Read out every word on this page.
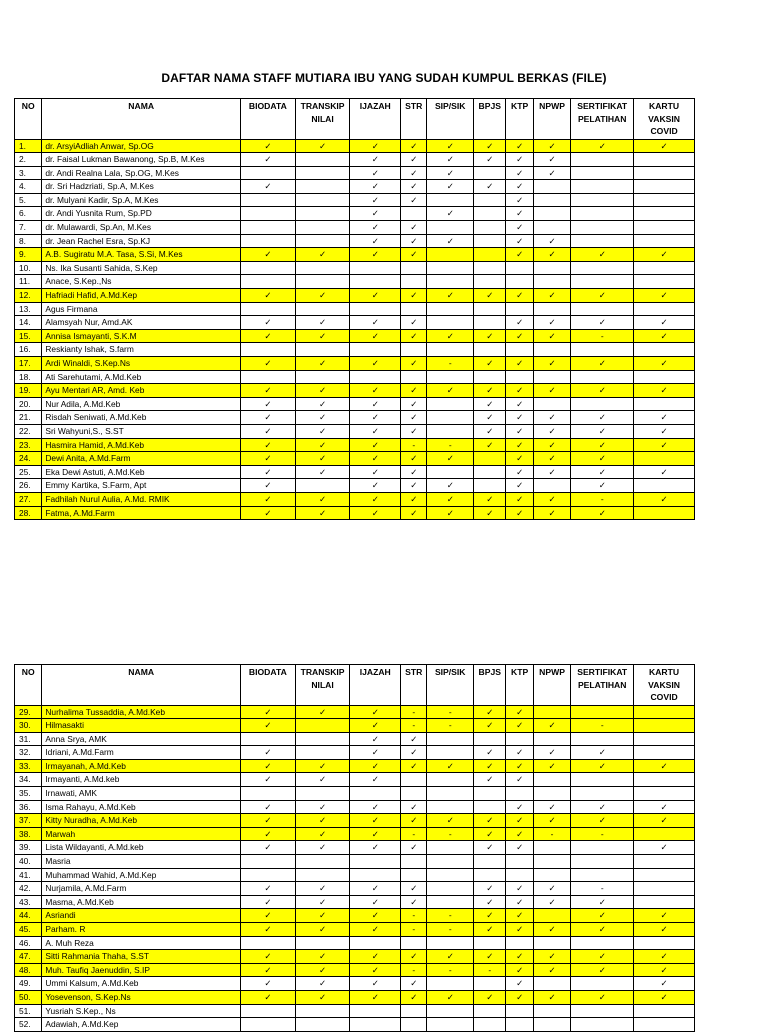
DAFTAR NAMA STAFF MUTIARA IBU YANG SUDAH KUMPUL BERKAS (FILE)
NO	NAMA	BIODATA	TRANSKIP
NILAI	IJAZAH	STR	SIP/SIK	BPJS	KTP	NPWP	SERTIFIKAT
PELATIHAN	KARTU
VAKSIN
COVID
1.	dr. ArsyiAdliah Anwar, Sp.OG	✓	✓	✓	✓	✓	✓	✓	✓	✓	✓
2.	dr. Faisal Lukman Bawanong, Sp.B, M.Kes	✓		✓	✓	✓	✓	✓	✓		
3.	dr. Andi Realna Lala, Sp.OG, M.Kes			✓	✓	✓		✓	✓		
4.	dr. Sri Hadzriati, Sp.A, M.Kes	✓		✓	✓	✓	✓	✓			
5.	dr. Mulyani Kadir, Sp.A, M.Kes			✓	✓			✓			
6.	dr. Andi Yusnita Rum, Sp.PD			✓		✓		✓			
7.	dr. Mulawardi, Sp.An, M.Kes			✓	✓			✓			
8.	dr. Jean Rachel Esra, Sp.KJ			✓	✓	✓		✓	✓		
9.	A.B. Sugiratu M.A. Tasa, S.Si, M.Kes	✓	✓	✓	✓			✓	✓	✓	✓
10.	Ns. Ika Susanti Sahida, S.Kep										
11.	Anace, S.Kep.,Ns										
12.	Hafriadi Hafid, A.Md.Kep	✓	✓	✓	✓	✓	✓	✓	✓	✓	✓
13.	Agus Firmana										
14.	Alamsyah Nur, Amd.AK	✓	✓	✓	✓			✓	✓	✓	✓
15.	Annisa Ismayanti, S.K.M	✓	✓	✓	✓	✓	✓	✓	✓	-	✓
16.	Reskianty Ishak, S.farm										
17.	Ardi Winaldi, S.Kep.Ns	✓	✓	✓	✓	-	✓	✓	✓	✓	✓
18.	Ati Sarehutami, A.Md.Keb										
19.	Ayu Mentari AR, Amd. Keb	✓	✓	✓	✓	✓	✓	✓	✓	✓	✓
20.	Nur Adila, A.Md.Keb	✓	✓	✓	✓		✓	✓			
21.	Risdah Seniwati, A.Md.Keb	✓	✓	✓	✓		✓	✓	✓	✓	✓
22.	Sri Wahyuni,S., S.ST	✓	✓	✓	✓		✓	✓	✓	✓	✓
23.	Hasmira Hamid, A.Md.Keb	✓	✓	✓	-	-	✓	✓	✓	✓	✓
24.	Dewi Anita, A.Md.Farm	✓	✓	✓	✓	✓		✓	✓	✓	
25.	Eka Dewi Astuti, A.Md.Keb	✓	✓	✓	✓			✓	✓	✓	✓
26.	Emmy Kartika, S.Farm, Apt	✓		✓	✓	✓		✓		✓	
27.	Fadhilah Nurul Aulia, A.Md. RMIK	✓	✓	✓	✓	✓	✓	✓	✓	-	✓
28.	Fatma, A.Md.Farm	✓	✓	✓	✓	✓	✓	✓	✓	✓	
NO	NAMA	BIODATA	TRANSKIP
NILAI	IJAZAH	STR	SIP/SIK	BPJS	KTP	NPWP	SERTIFIKAT
PELATIHAN	KARTU
VAKSIN
COVID
29.	Nurhalima Tussaddia, A.Md.Keb	✓	✓	✓	-	-	✓	✓			
30.	Hilmasakti	✓		✓	-	-	✓	✓	✓	-	
31.	Anna Srya, AMK			✓	✓						
32.	Idriani, A.Md.Farm	✓		✓	✓		✓	✓	✓	✓	
33.	Irmayanah, A.Md.Keb	✓	✓	✓	✓	✓	✓	✓	✓	✓	✓
34.	Irmayanti, A.Md.keb	✓	✓	✓			✓	✓			
35.	Irnawati, AMK										
36.	Isma Rahayu, A.Md.Keb	✓	✓	✓	✓			✓	✓	✓	✓
37.	Kitty Nuradha, A.Md.Keb	✓	✓	✓	✓	✓	✓	✓	✓	✓	✓
38.	Marwah	✓	✓	✓	-	-	✓	✓	-	-	
39.	Lista Wildayanti, A.Md.keb	✓	✓	✓	✓		✓	✓			✓
40.	Masria										
41.	Muhammad Wahid, A.Md.Kep										
42.	Nurjamila, A.Md.Farm	✓	✓	✓	✓		✓	✓	✓	-	
43.	Masma, A.Md.Keb	✓	✓	✓	✓		✓	✓	✓	✓	
44.	Asriandi	✓	✓	✓	-	-	✓	✓		✓	✓
45.	Parham. R	✓	✓	✓	-	-	✓	✓	✓	✓	✓
46.	A. Muh Reza										
47.	Sitti Rahmania Thaha, S.ST	✓	✓	✓	✓	✓	✓	✓	✓	✓	✓
48.	Muh. Taufiq Jaenuddin, S.IP	✓	✓	✓	-	-	-	✓	✓	✓	✓
49.	Ummi Kalsum, A.Md.Keb	✓	✓	✓	✓			✓			✓
50.	Yosevenson, S.Kep.Ns	✓	✓	✓	✓	✓	✓	✓	✓	✓	✓
51.	Yusriah S.Kep., Ns										
52.	Adawiah, A.Md.Kep										
